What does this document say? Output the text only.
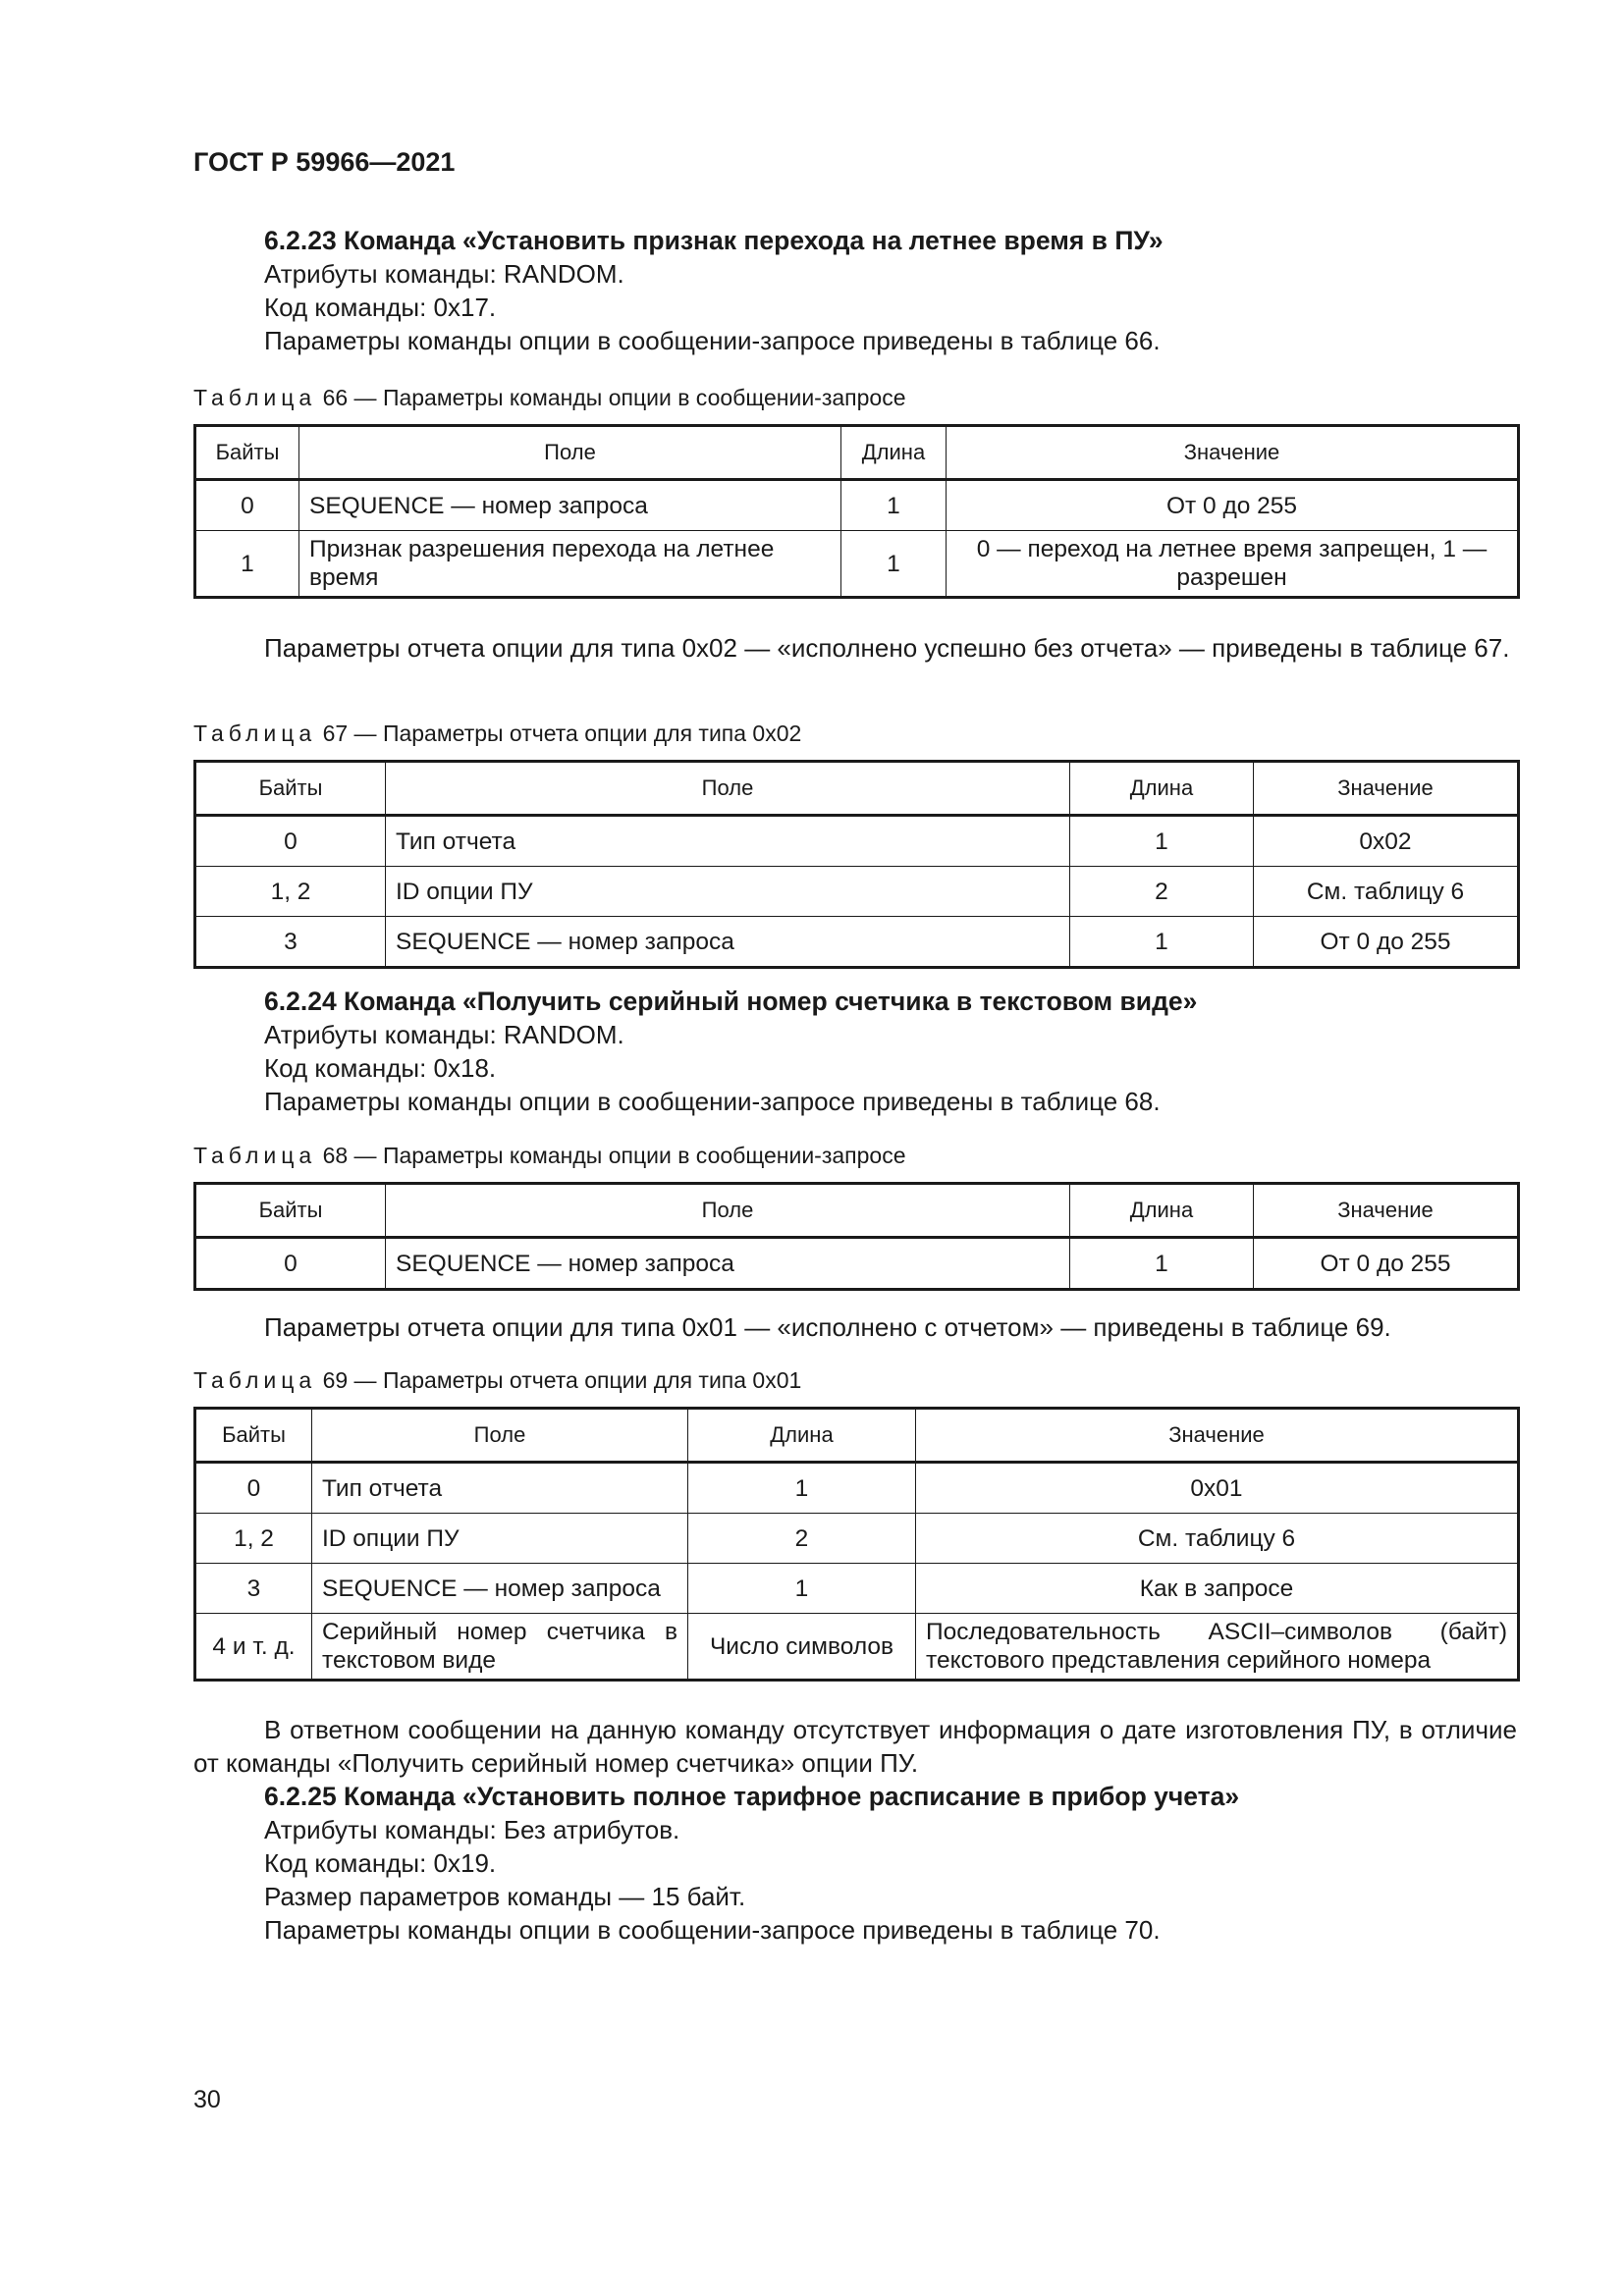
ГОСТ Р 59966—2021

6.2.23 Команда «Установить признак перехода на летнее время в ПУ»

Атрибуты команды: RANDOM.

Код команды: 0x17.

Параметры команды опции в сообщении-запросе приведены в таблице 66.

Таблица 66 — Параметры команды опции в сообщении-запросе

Байты	Поле	Длина	Значение
0	SEQUENCE — номер запроса	1	От 0 до 255
1	Признак разрешения перехода на летнее время	1	0 — переход на летнее время запрещен, 1 — разрешен

Параметры отчета опции для типа 0x02 — «исполнено успешно без отчета» — приведены в таблице 67.

Таблица 67 — Параметры отчета опции для типа 0x02

Байты	Поле	Длина	Значение
0	Тип отчета	1	0x02
1, 2	ID опции ПУ	2	См. таблицу 6
3	SEQUENCE — номер запроса	1	От 0 до 255

6.2.24 Команда «Получить серийный номер счетчика в текстовом виде»

Атрибуты команды: RANDOM.

Код команды: 0x18.

Параметры команды опции в сообщении-запросе приведены в таблице 68.

Таблица 68 — Параметры команды опции в сообщении-запросе

Байты	Поле	Длина	Значение
0	SEQUENCE — номер запроса	1	От 0 до 255

Параметры отчета опции для типа 0x01 — «исполнено с отчетом» — приведены в таблице 69.

Таблица 69 — Параметры отчета опции для типа 0x01

Байты	Поле	Длина	Значение
0	Тип отчета	1	0x01
1, 2	ID опции ПУ	2	См. таблицу 6
3	SEQUENCE — номер запроса	1	Как в запросе
4 и т. д.	Серийный номер счетчика в текстовом виде	Число символов	Последовательность ASCII–символов (байт) текстового представления серийного номера

В ответном сообщении на данную команду отсутствует информация о дате изготовления ПУ, в отличие от команды «Получить серийный номер счетчика» опции ПУ.

6.2.25 Команда «Установить полное тарифное расписание в прибор учета»

Атрибуты команды: Без атрибутов.

Код команды: 0x19.

Размер параметров команды — 15 байт.

Параметры команды опции в сообщении-запросе приведены в таблице 70.

30
